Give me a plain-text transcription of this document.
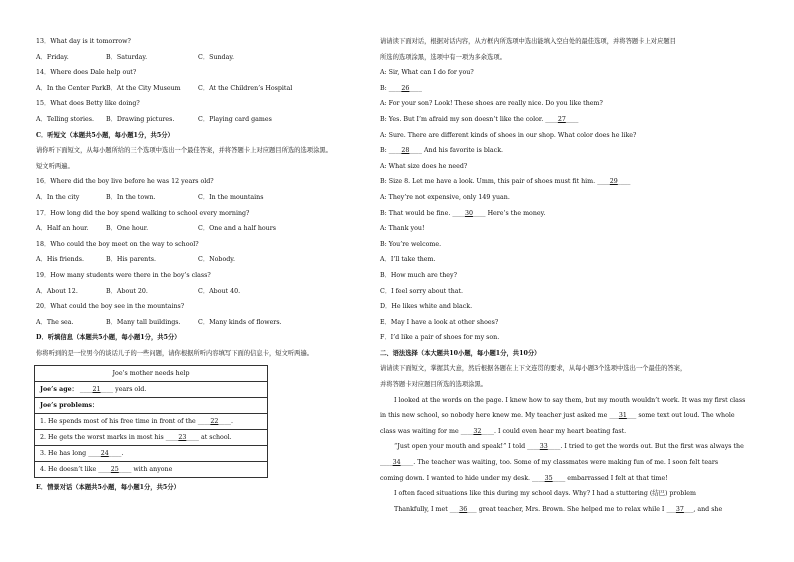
13．What day is it tomorrow?
A．Friday.	B．Saturday.	C．Sunday.
14．Where does Dale help out?
A．In the Center Park.
B．At the City Museum	C．At the Children’s Hospital
15．What does Betty like doing?
A．Telling stories.	B．Drawing pictures.	C．Playing card games
C．听短文（本题共5小题，每小题1分，共5分）
请你听下面短文，从每小题所给的三个选项中选出一个最佳答案，并将答题卡上对应题目所选的选项涂黑。
短文听两遍。
16．Where did the boy live before he was 12 years old?
A．In the city	B．In the town.	C．In the mountains
17．How long did the boy spend walking to school every morning?
A．Half an hour.	B．One hour.	C．One and a half hours
18．Who could the boy meet on the way to school?
A．His friends.	B．His parents.	C．Nobody.
19．How many students were there in the boy’s class?
A．About 12.	B．About 20.	C．About 40.
20．What could the boy see in the mountains?
A．The sea.	B．Many tall buildings.	C．Many kinds of flowers.
D．听填信息（本题共5小题，每小题1分，共5分）
你将听到的是一位男今的谈话儿子的一些问题，请你根据所听内容填写下面的信息卡，短文听两遍。
Joe’s mother needs help
Joe’s age： ____21____ years old.
Joe’s problems：
1. He spends most of his free time in front of the ____22____.
2. He gets the worst marks in most his ____23____ at school.
3. He has long ____24____.
4. He doesn’t like ____25____ with anyone
E．情景对话（本题共5小题，每小题1分，共5分）
请请读下面对话，根据对话内容，从方框内所选项中选出能填入空白处的最佳选项，并将答题卡上对应题目
所选的选项涂黑，选项中有一项为多余选项。
A: Sir, What can I do for you?
B: ____26____
A: For your son? Look! These shoes are really nice. Do you like them?
B: Yes. But I’m afraid my son doesn’t like the color. ____27____
A: Sure. There are different kinds of shoes in our shop. What color does he like?
B: ____28____ And his favorite is black.
A: What size does he need?
B: Size 8. Let me have a look. Umm, this pair of shoes must fit him. ____29____
A: They’re not expensive, only 149 yuan.
B: That would be fine. ____30____ Here’s the money.
A: Thank you!
B: You’re welcome.
A．I’ll take them.
B．How much are they?
C．I feel sorry about that.
D．He likes white and black.
E．May I have a look at other shoes?
F．I’d like a pair of shoes for my son.
二、语法选择（本大题共10小题，每小题1分，共10分）
请请读下面短文，掌握其大意，然后根据各题在上下文连贯的要求，从每小题3个选项中选出一个最佳的答案，
并将答题卡对应题目所选的选项涂黑。
I looked at the words on the page. I knew how to say them, but my mouth wouldn’t work. It was my first class
in this new school, so nobody here knew me. My teacher just asked me ___31___ some text out loud. The whole
class was waiting for me ____32____. I could even hear my heart beating fast.
“Just open your mouth and speak!” I told ____33____. I tried to get the words out. But the first was always the
____34____. The teacher was waiting, too. Some of my classmates were making fun of me. I soon felt tears
coming down. I wanted to hide under my desk. ____35____ embarrassed I felt at that time!
I often faced situations like this during my school days. Why? I had a stuttering (结巴) problem
Thankfully, I met ___36___ great teacher, Mrs. Brown. She helped me to relax while I ___37___, and she
